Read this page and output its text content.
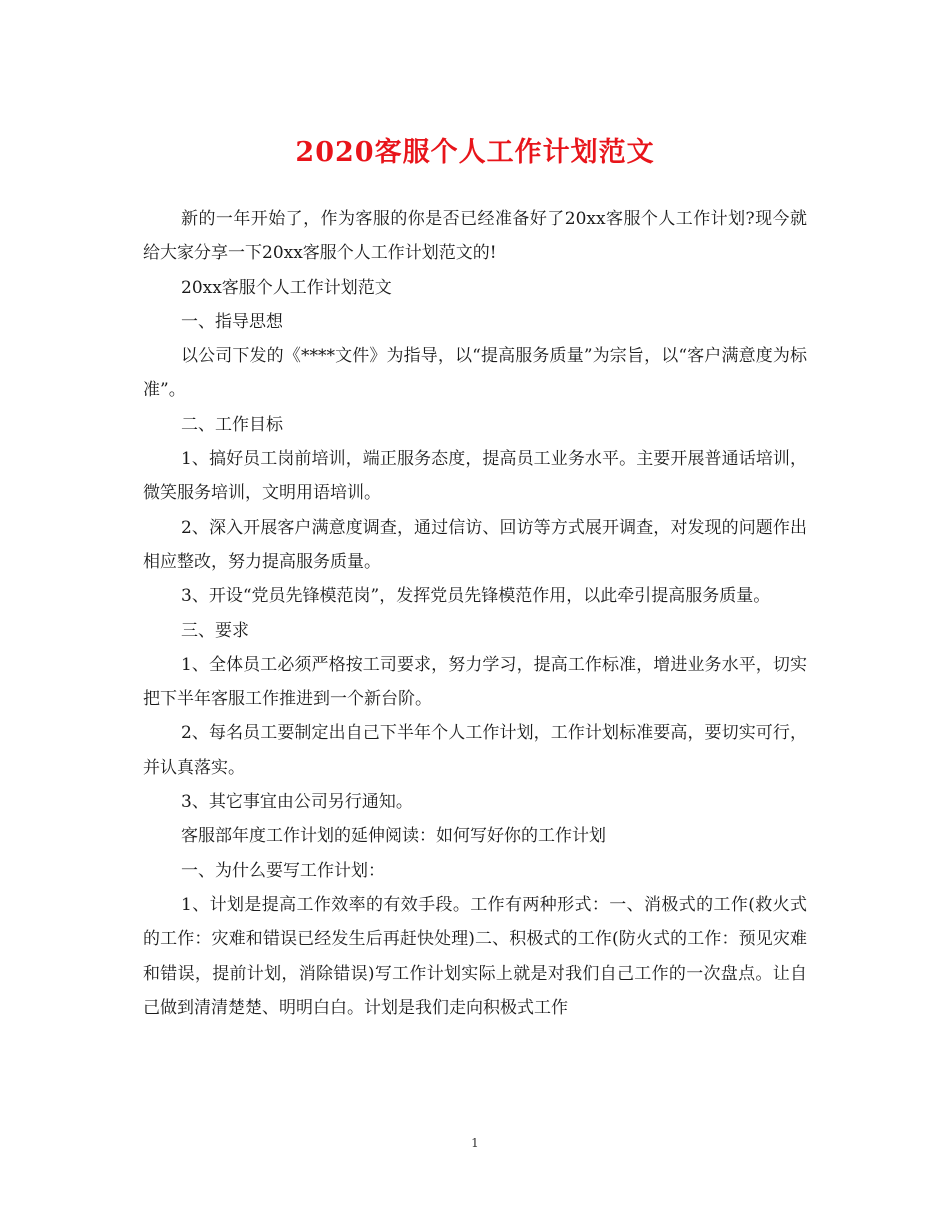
2020客服个人工作计划范文

新的一年开始了，作为客服的你是否已经准备好了20xx客服个人工作计划?现今就给大家分享一下20xx客服个人工作计划范文的!

20xx客服个人工作计划范文

一、指导思想

以公司下发的《****文件》为指导，以“提高服务质量”为宗旨，以“客户满意度为标准”。

二、工作目标

1、搞好员工岗前培训，端正服务态度，提高员工业务水平。主要开展普通话培训，微笑服务培训，文明用语培训。

2、深入开展客户满意度调查，通过信访、回访等方式展开调查，对发现的问题作出相应整改，努力提高服务质量。

3、开设“党员先锋模范岗”，发挥党员先锋模范作用，以此牵引提高服务质量。

三、要求

1、全体员工必须严格按工司要求，努力学习，提高工作标准，增进业务水平，切实把下半年客服工作推进到一个新台阶。

2、每名员工要制定出自己下半年个人工作计划，工作计划标准要高，要切实可行，并认真落实。

3、其它事宜由公司另行通知。

客服部年度工作计划的延伸阅读：如何写好你的工作计划

一、为什么要写工作计划：

1、计划是提高工作效率的有效手段。工作有两种形式：一、消极式的工作(救火式的工作：灾难和错误已经发生后再赶快处理)二、积极式的工作(防火式的工作：预见灾难和错误，提前计划，消除错误)写工作计划实际上就是对我们自己工作的一次盘点。让自己做到清清楚楚、明明白白。计划是我们走向积极式工作

1
